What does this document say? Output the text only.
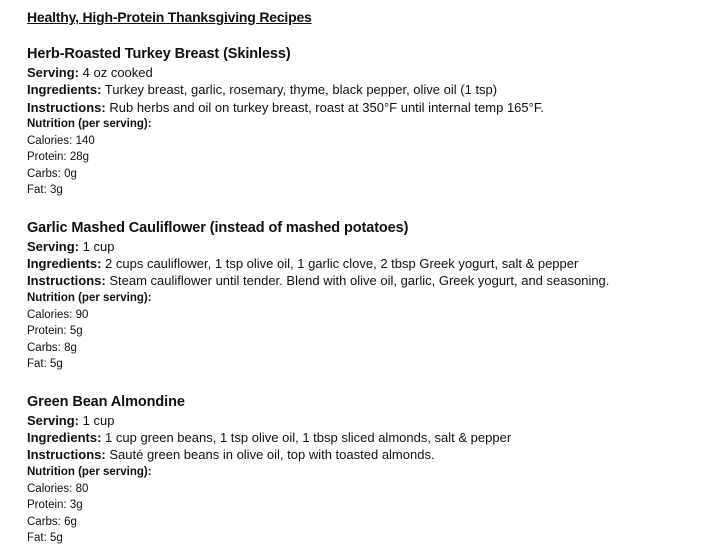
Healthy, High-Protein Thanksgiving Recipes
Herb-Roasted Turkey Breast (Skinless)
Serving: 4 oz cooked
Ingredients: Turkey breast, garlic, rosemary, thyme, black pepper, olive oil (1 tsp)
Instructions: Rub herbs and oil on turkey breast, roast at 350°F until internal temp 165°F.
Nutrition (per serving):
Calories: 140
Protein: 28g
Carbs: 0g
Fat: 3g
Garlic Mashed Cauliflower (instead of mashed potatoes)
Serving: 1 cup
Ingredients: 2 cups cauliflower, 1 tsp olive oil, 1 garlic clove, 2 tbsp Greek yogurt, salt & pepper
Instructions: Steam cauliflower until tender. Blend with olive oil, garlic, Greek yogurt, and seasoning.
Nutrition (per serving):
Calories: 90
Protein: 5g
Carbs: 8g
Fat: 5g
Green Bean Almondine
Serving: 1 cup
Ingredients: 1 cup green beans, 1 tsp olive oil, 1 tbsp sliced almonds, salt & pepper
Instructions: Sauté green beans in olive oil, top with toasted almonds.
Nutrition (per serving):
Calories: 80
Protein: 3g
Carbs: 6g
Fat: 5g
